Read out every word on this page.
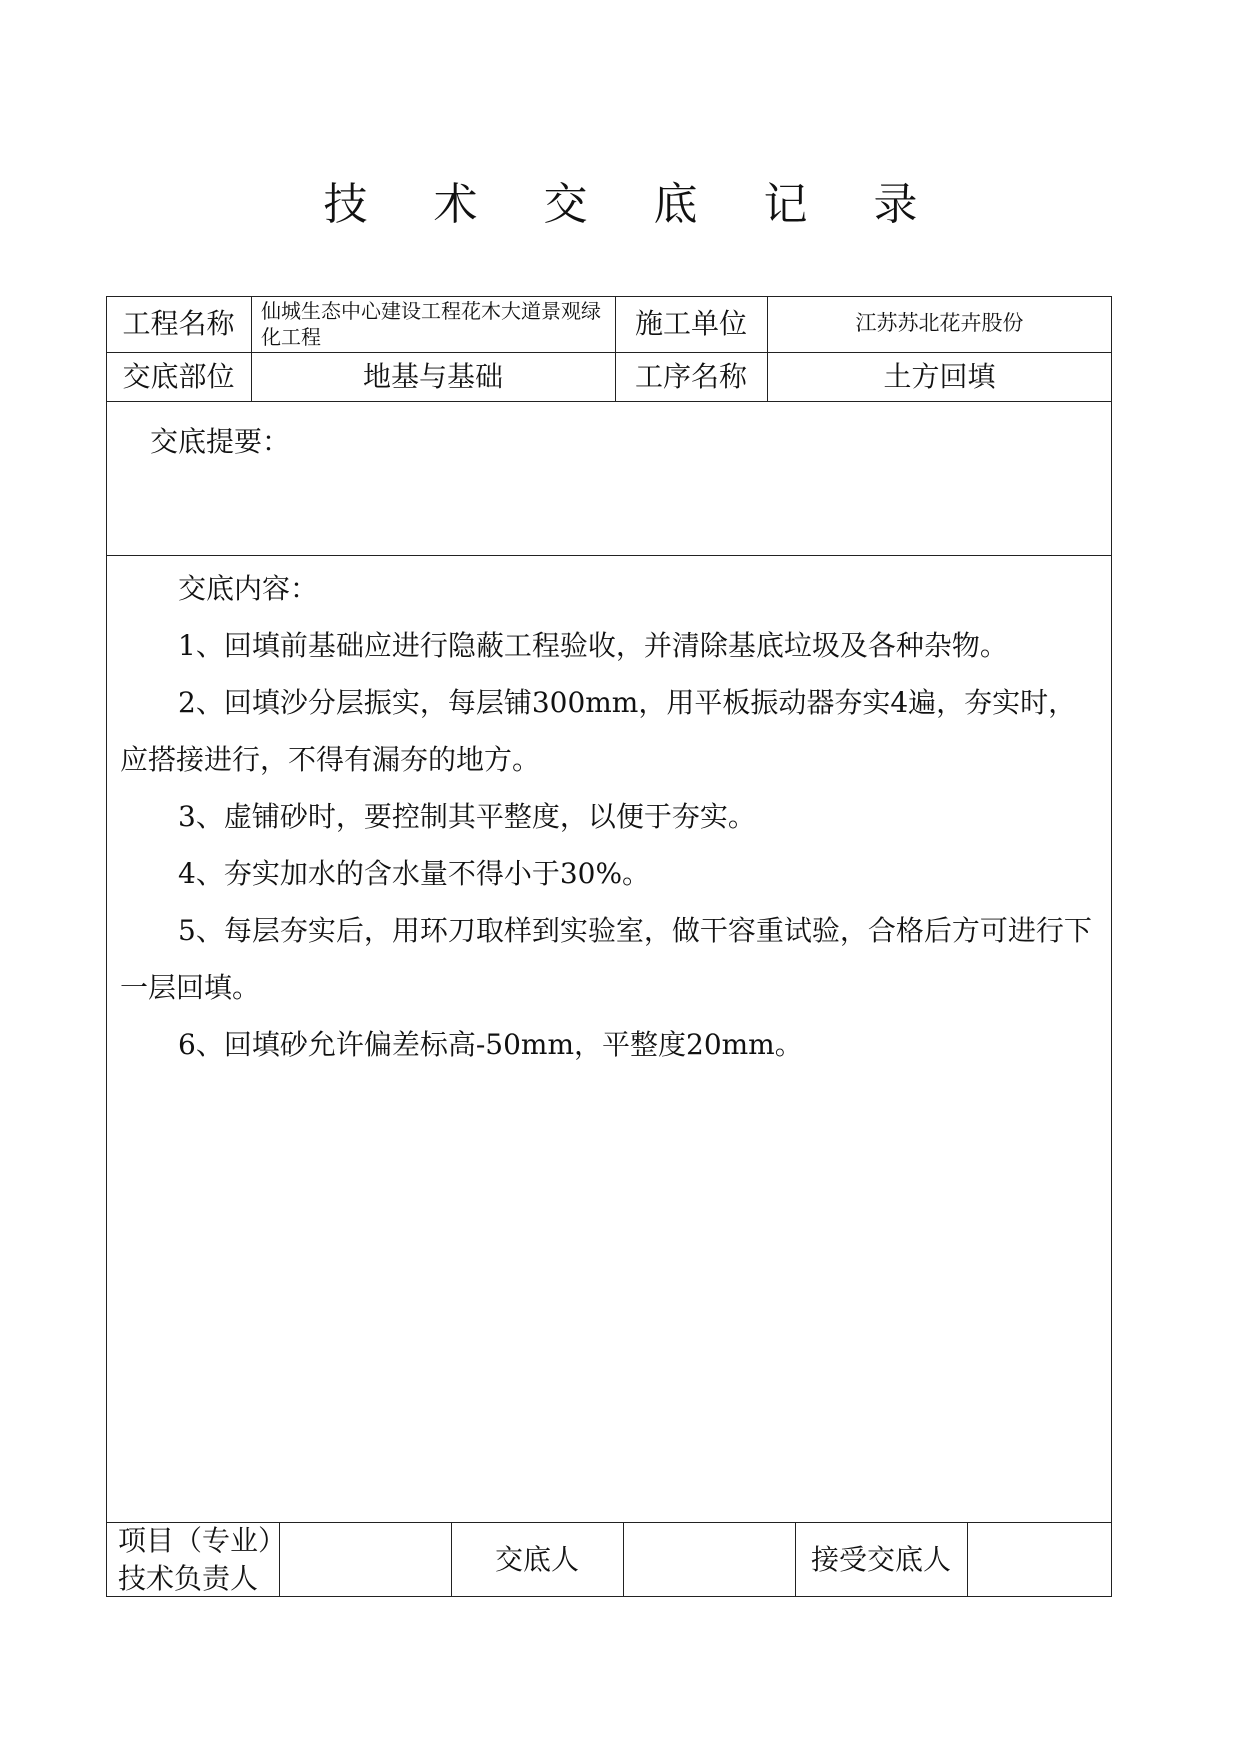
技 术 交 底 记 录
工程名称	仙城生态中心建设工程花木大道景观绿化工程	施工单位	江苏苏北花卉股份
交底部位	地基与基础	工序名称	土方回填
交底提要：

交底内容：

1、回填前基础应进行隐蔽工程验收，并清除基底垃圾及各种杂物。

2、回填沙分层振实，每层铺300mm，用平板振动器夯实4遍，夯实时，应搭接进行，不得有漏夯的地方。

3、虚铺砂时，要控制其平整度，以便于夯实。

4、夯实加水的含水量不得小于30%。

5、每层夯实后，用环刀取样到实验室，做干容重试验，合格后方可进行下一层回填。

6、回填砂允许偏差标高-50mm，平整度20mm。

项目（专业）
技术负责人
交底人	接受交底人
